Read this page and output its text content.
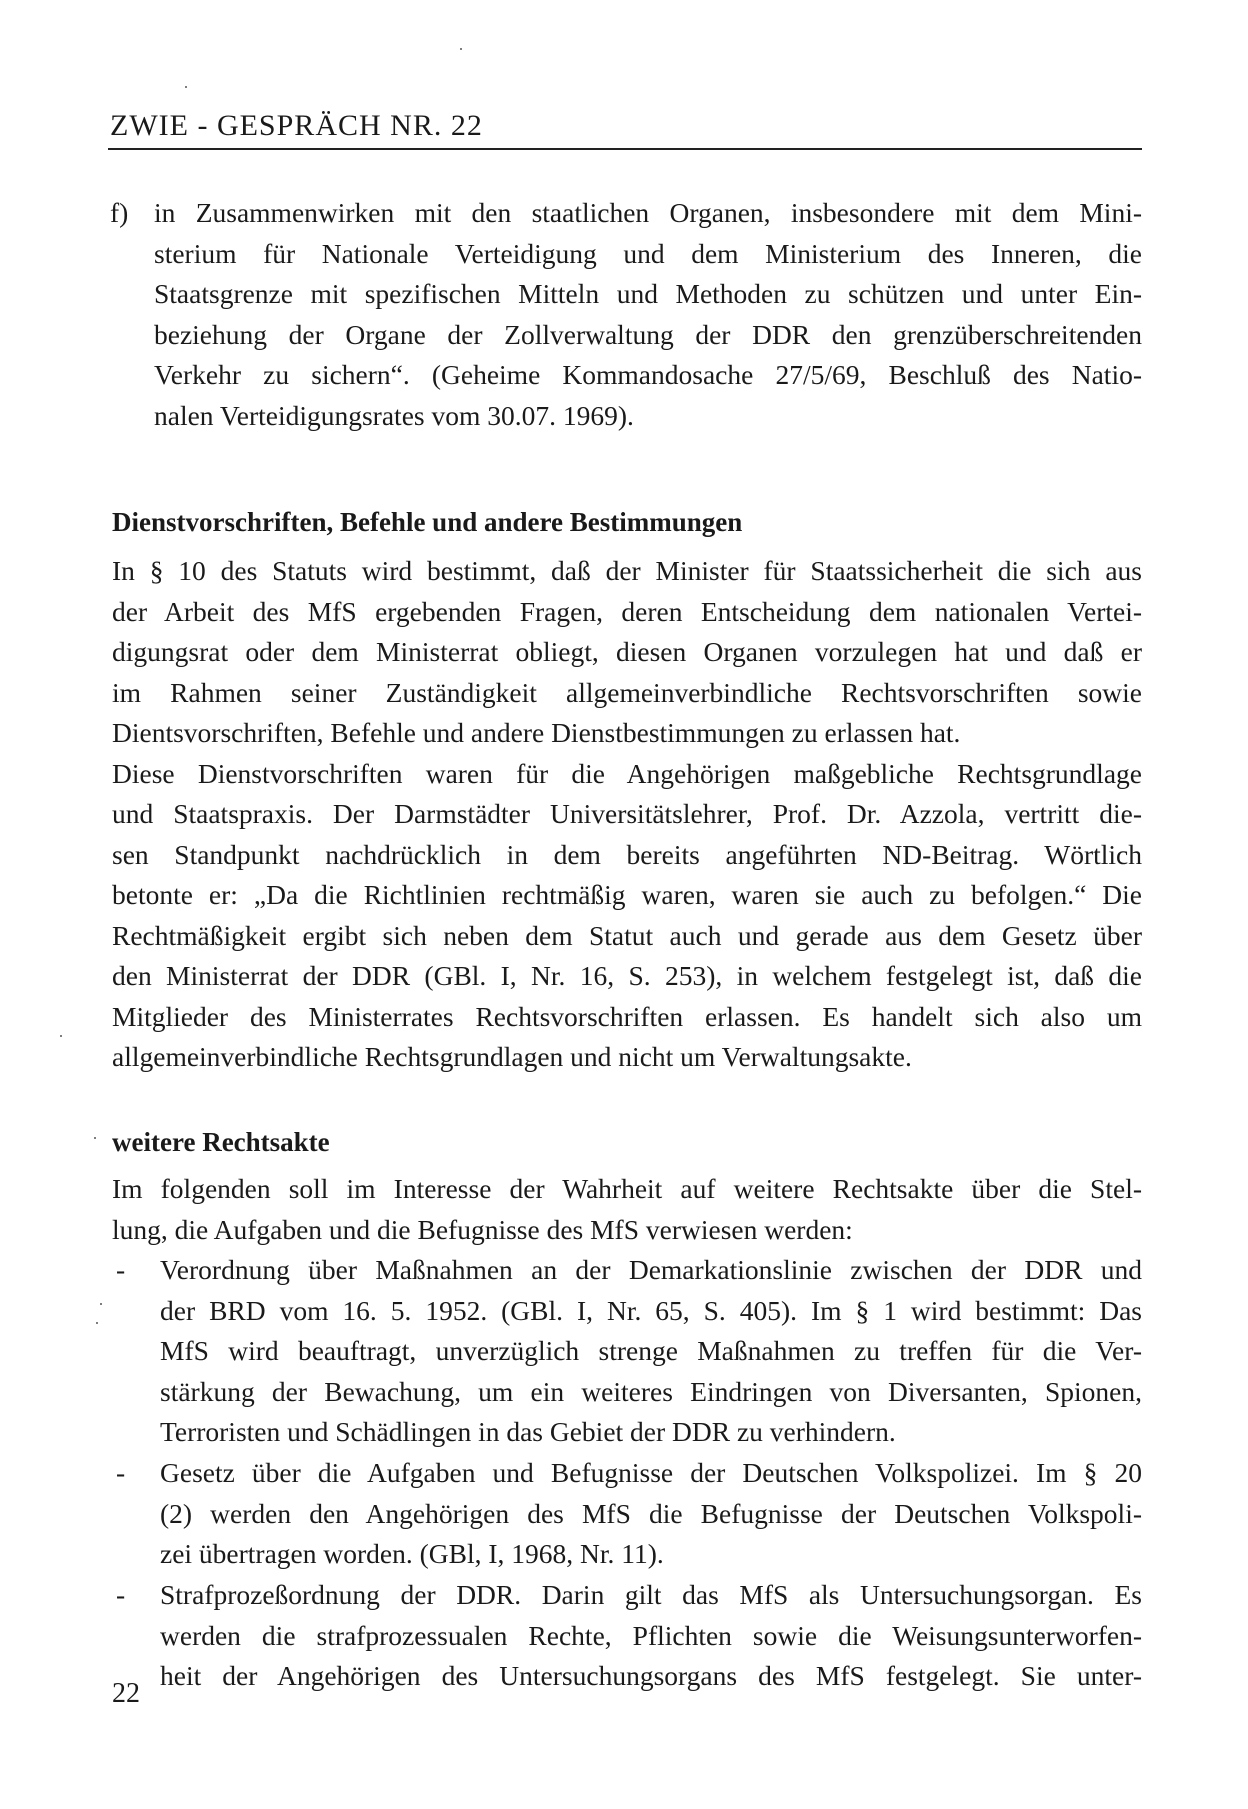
ZWIE - GESPRÄCH NR. 22
f) in Zusammenwirken mit den staatlichen Organen, insbesondere mit dem Mini-
sterium für Nationale Verteidigung und dem Ministerium des Inneren, die
Staatsgrenze mit spezifischen Mitteln und Methoden zu schützen und unter Ein-
beziehung der Organe der Zollverwaltung der DDR den grenzüberschreitenden
Verkehr zu sichern“. (Geheime Kommandosache 27/5/69, Beschluß des Natio-
nalen Verteidigungsrates vom 30.07. 1969).
Dienstvorschriften, Befehle und andere Bestimmungen
In § 10 des Statuts wird bestimmt, daß der Minister für Staatssicherheit die sich aus
der Arbeit des MfS ergebenden Fragen, deren Entscheidung dem nationalen Vertei-
digungsrat oder dem Ministerrat obliegt, diesen Organen vorzulegen hat und daß er
im Rahmen seiner Zuständigkeit allgemeinverbindliche Rechtsvorschriften sowie
Dientsvorschriften, Befehle und andere Dienstbestimmungen zu erlassen hat.
Diese Dienstvorschriften waren für die Angehörigen maßgebliche Rechtsgrundlage
und Staatspraxis. Der Darmstädter Universitätslehrer, Prof. Dr. Azzola, vertritt die-
sen Standpunkt nachdrücklich in dem bereits angeführten ND-Beitrag. Wörtlich
betonte er: „Da die Richtlinien rechtmäßig waren, waren sie auch zu befolgen.“ Die
Rechtmäßigkeit ergibt sich neben dem Statut auch und gerade aus dem Gesetz über
den Ministerrat der DDR (GBl. I, Nr. 16, S. 253), in welchem festgelegt ist, daß die
Mitglieder des Ministerrates Rechtsvorschriften erlassen. Es handelt sich also um
allgemeinverbindliche Rechtsgrundlagen und nicht um Verwaltungsakte.
weitere Rechtsakte
Im folgenden soll im Interesse der Wahrheit auf weitere Rechtsakte über die Stel-
lung, die Aufgaben und die Befugnisse des MfS verwiesen werden:
- Verordnung über Maßnahmen an der Demarkationslinie zwischen der DDR und
der BRD vom 16. 5. 1952. (GBl. I, Nr. 65, S. 405). Im § 1 wird bestimmt: Das
MfS wird beauftragt, unverzüglich strenge Maßnahmen zu treffen für die Ver-
stärkung der Bewachung, um ein weiteres Eindringen von Diversanten, Spionen,
Terroristen und Schädlingen in das Gebiet der DDR zu verhindern.
- Gesetz über die Aufgaben und Befugnisse der Deutschen Volkspolizei. Im § 20
(2) werden den Angehörigen des MfS die Befugnisse der Deutschen Volkspoli-
zei übertragen worden. (GBl, I, 1968, Nr. 11).
- Strafprozeßordnung der DDR. Darin gilt das MfS als Untersuchungsorgan. Es
werden die strafprozessualen Rechte, Pflichten sowie die Weisungsunterworfen-
heit der Angehörigen des Untersuchungsorgans des MfS festgelegt. Sie unter-
22
